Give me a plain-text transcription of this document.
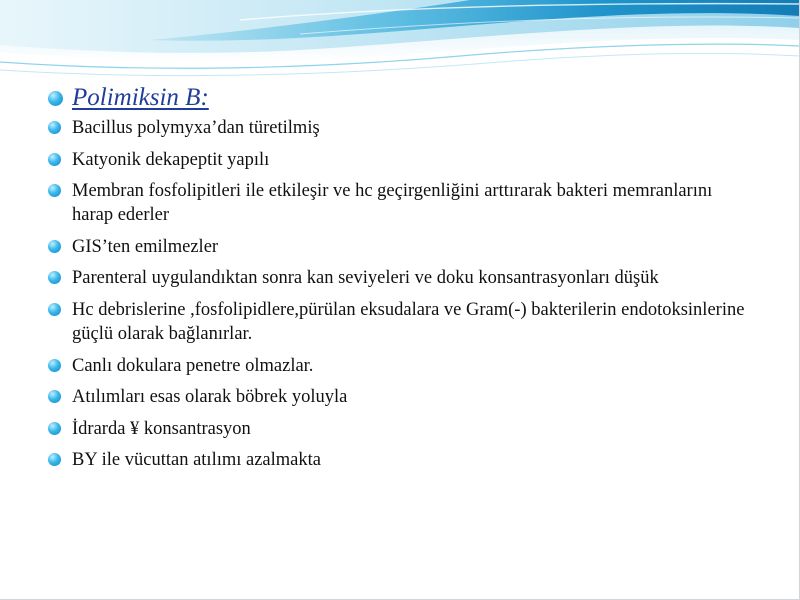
Polimiksin B:
Bacillus polymyxa’dan türetilmiş
Katyonik dekapeptit yapılı
Membran fosfolipitleri ile etkileşir ve hc geçirgenliğini arttırarak bakteri memranlarını harap ederler
GIS’ten emilmezler
Parenteral uygulandıktan sonra kan seviyeleri ve doku konsantrasyonları düşük
Hc debrislerine ,fosfolipidlere,pürülan eksudalara ve Gram(-) bakterilerin endotoksinlerine güçlü olarak bağlanırlar.
Canlı dokulara penetre olmazlar.
Atılımları esas olarak böbrek yoluyla
İdrarda ¥ konsantrasyon
BY ile vücuttan atılımı azalmakta
